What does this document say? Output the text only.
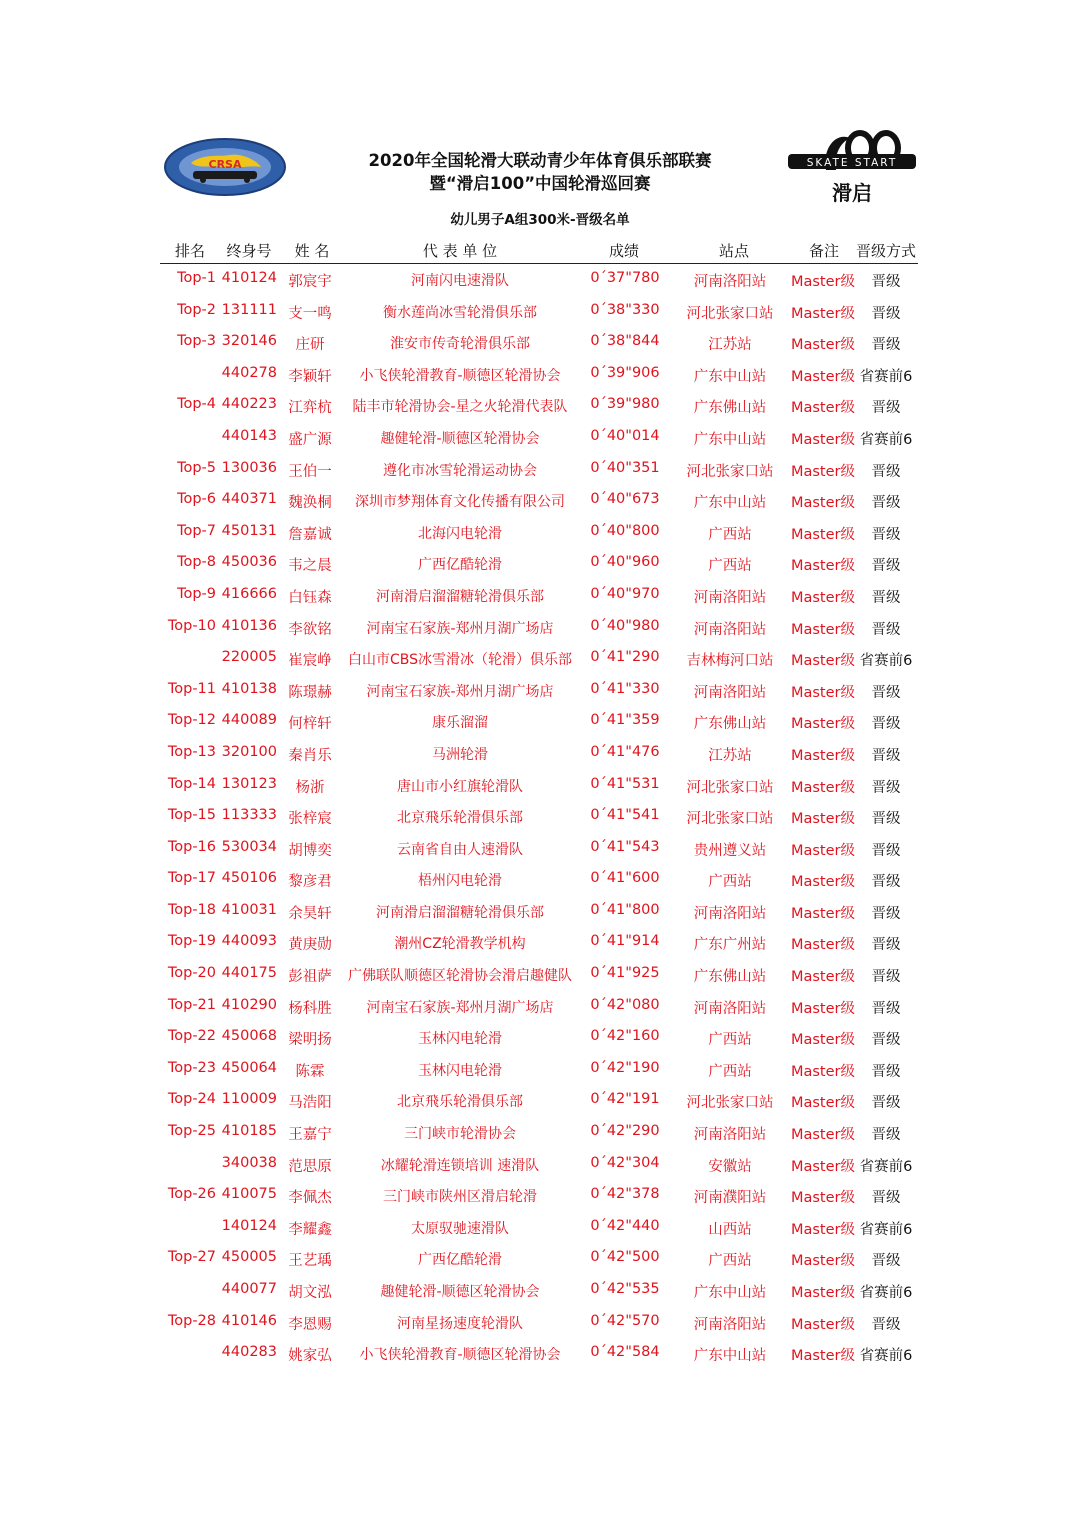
CRSA	2020年全国轮滑大联动青少年体育俱乐部联赛
暨“滑启100”中国轮滑巡回赛
SKATE START
滑启
幼儿男子A组300米-晋级名单
排名	终身号	姓 名	代 表 单 位	成绩	站点	备注	晋级方式
Top-1 410124 郭宸宇	河南闪电速滑队	0´37"780	河南洛阳站	Master级	晋级
Top-2 131111 支一鸣	衡水莲尚冰雪轮滑俱乐部	0´38"330	河北张家口站	Master级	晋级
Top-3 320146	庄研	淮安市传奇轮滑俱乐部	0´38"844	江苏站	Master级	晋级
440278 李颖轩	小飞侠轮滑教育-顺德区轮滑协会	0´39"906	广东中山站	Master级 省赛前6
Top-4 440223 江弈杭	陆丰市轮滑协会-星之火轮滑代表队	0´39"980	广东佛山站	Master级	晋级
440143 盛广源	趣健轮滑-顺德区轮滑协会	0´40"014	广东中山站	Master级 省赛前6
Top-5 130036 王伯一	遵化市冰雪轮滑运动协会	0´40"351	河北张家口站	Master级	晋级
Top-6 440371 魏涣桐	深圳市梦翔体育文化传播有限公司	0´40"673	广东中山站	Master级	晋级
Top-7 450131 詹嘉诚	北海闪电轮滑	0´40"800	广西站	Master级	晋级
Top-8 450036 韦之晨	广西亿酷轮滑	0´40"960	广西站	Master级	晋级
Top-9 416666 白钰森	河南滑启溜溜糖轮滑俱乐部	0´40"970	河南洛阳站	Master级	晋级
Top-10 410136 李欲铭	河南宝石家族-郑州月湖广场店	0´40"980	河南洛阳站	Master级	晋级
220005 崔宸峥	白山市CBS冰雪滑冰（轮滑）俱乐部	0´41"290	吉林梅河口站	Master级 省赛前6
Top-11 410138 陈璟赫	河南宝石家族-郑州月湖广场店	0´41"330	河南洛阳站	Master级	晋级
Top-12 440089 何梓轩	康乐溜溜	0´41"359	广东佛山站	Master级	晋级
Top-13 320100 秦肖乐	马洲轮滑	0´41"476	江苏站	Master级	晋级
Top-14 130123	杨浙	唐山市小红旗轮滑队	0´41"531	河北张家口站	Master级	晋级
Top-15 113333 张梓宸	北京飛乐轮滑俱乐部	0´41"541	河北张家口站	Master级	晋级
Top-16 530034 胡博奕	云南省自由人速滑队	0´41"543	贵州遵义站	Master级	晋级
Top-17 450106 黎彦君	梧州闪电轮滑	0´41"600	广西站	Master级	晋级
Top-18 410031 余昊轩	河南滑启溜溜糖轮滑俱乐部	0´41"800	河南洛阳站	Master级	晋级
Top-19 440093 黄庚勋	潮州CZ轮滑教学机构	0´41"914	广东广州站	Master级	晋级
Top-20 440175 彭祖萨	广佛联队顺德区轮滑协会滑启趣健队	0´41"925	广东佛山站	Master级	晋级
Top-21 410290 杨科胜	河南宝石家族-郑州月湖广场店	0´42"080	河南洛阳站	Master级	晋级
Top-22 450068 梁明扬	玉林闪电轮滑	0´42"160	广西站	Master级	晋级
Top-23 450064	陈霖	玉林闪电轮滑	0´42"190	广西站	Master级	晋级
Top-24 110009 马浩阳	北京飛乐轮滑俱乐部	0´42"191	河北张家口站	Master级	晋级
Top-25 410185 王嘉宁	三门峡市轮滑协会	0´42"290	河南洛阳站	Master级	晋级
340038 范思原	冰耀轮滑连锁培训 速滑队	0´42"304	安徽站	Master级 省赛前6
Top-26 410075 李佩杰	三门峡市陕州区滑启轮滑	0´42"378	河南濮阳站	Master级	晋级
140124 李耀鑫	太原驭驰速滑队	0´42"440	山西站	Master级 省赛前6
Top-27 450005 王艺瑀	广西亿酷轮滑	0´42"500	广西站	Master级	晋级
440077 胡文泓	趣健轮滑-顺德区轮滑协会	0´42"535	广东中山站	Master级 省赛前6
Top-28 410146 李恩赐	河南星扬速度轮滑队	0´42"570	河南洛阳站	Master级	晋级
440283 姚家弘	小飞侠轮滑教育-顺德区轮滑协会	0´42"584	广东中山站	Master级 省赛前6
